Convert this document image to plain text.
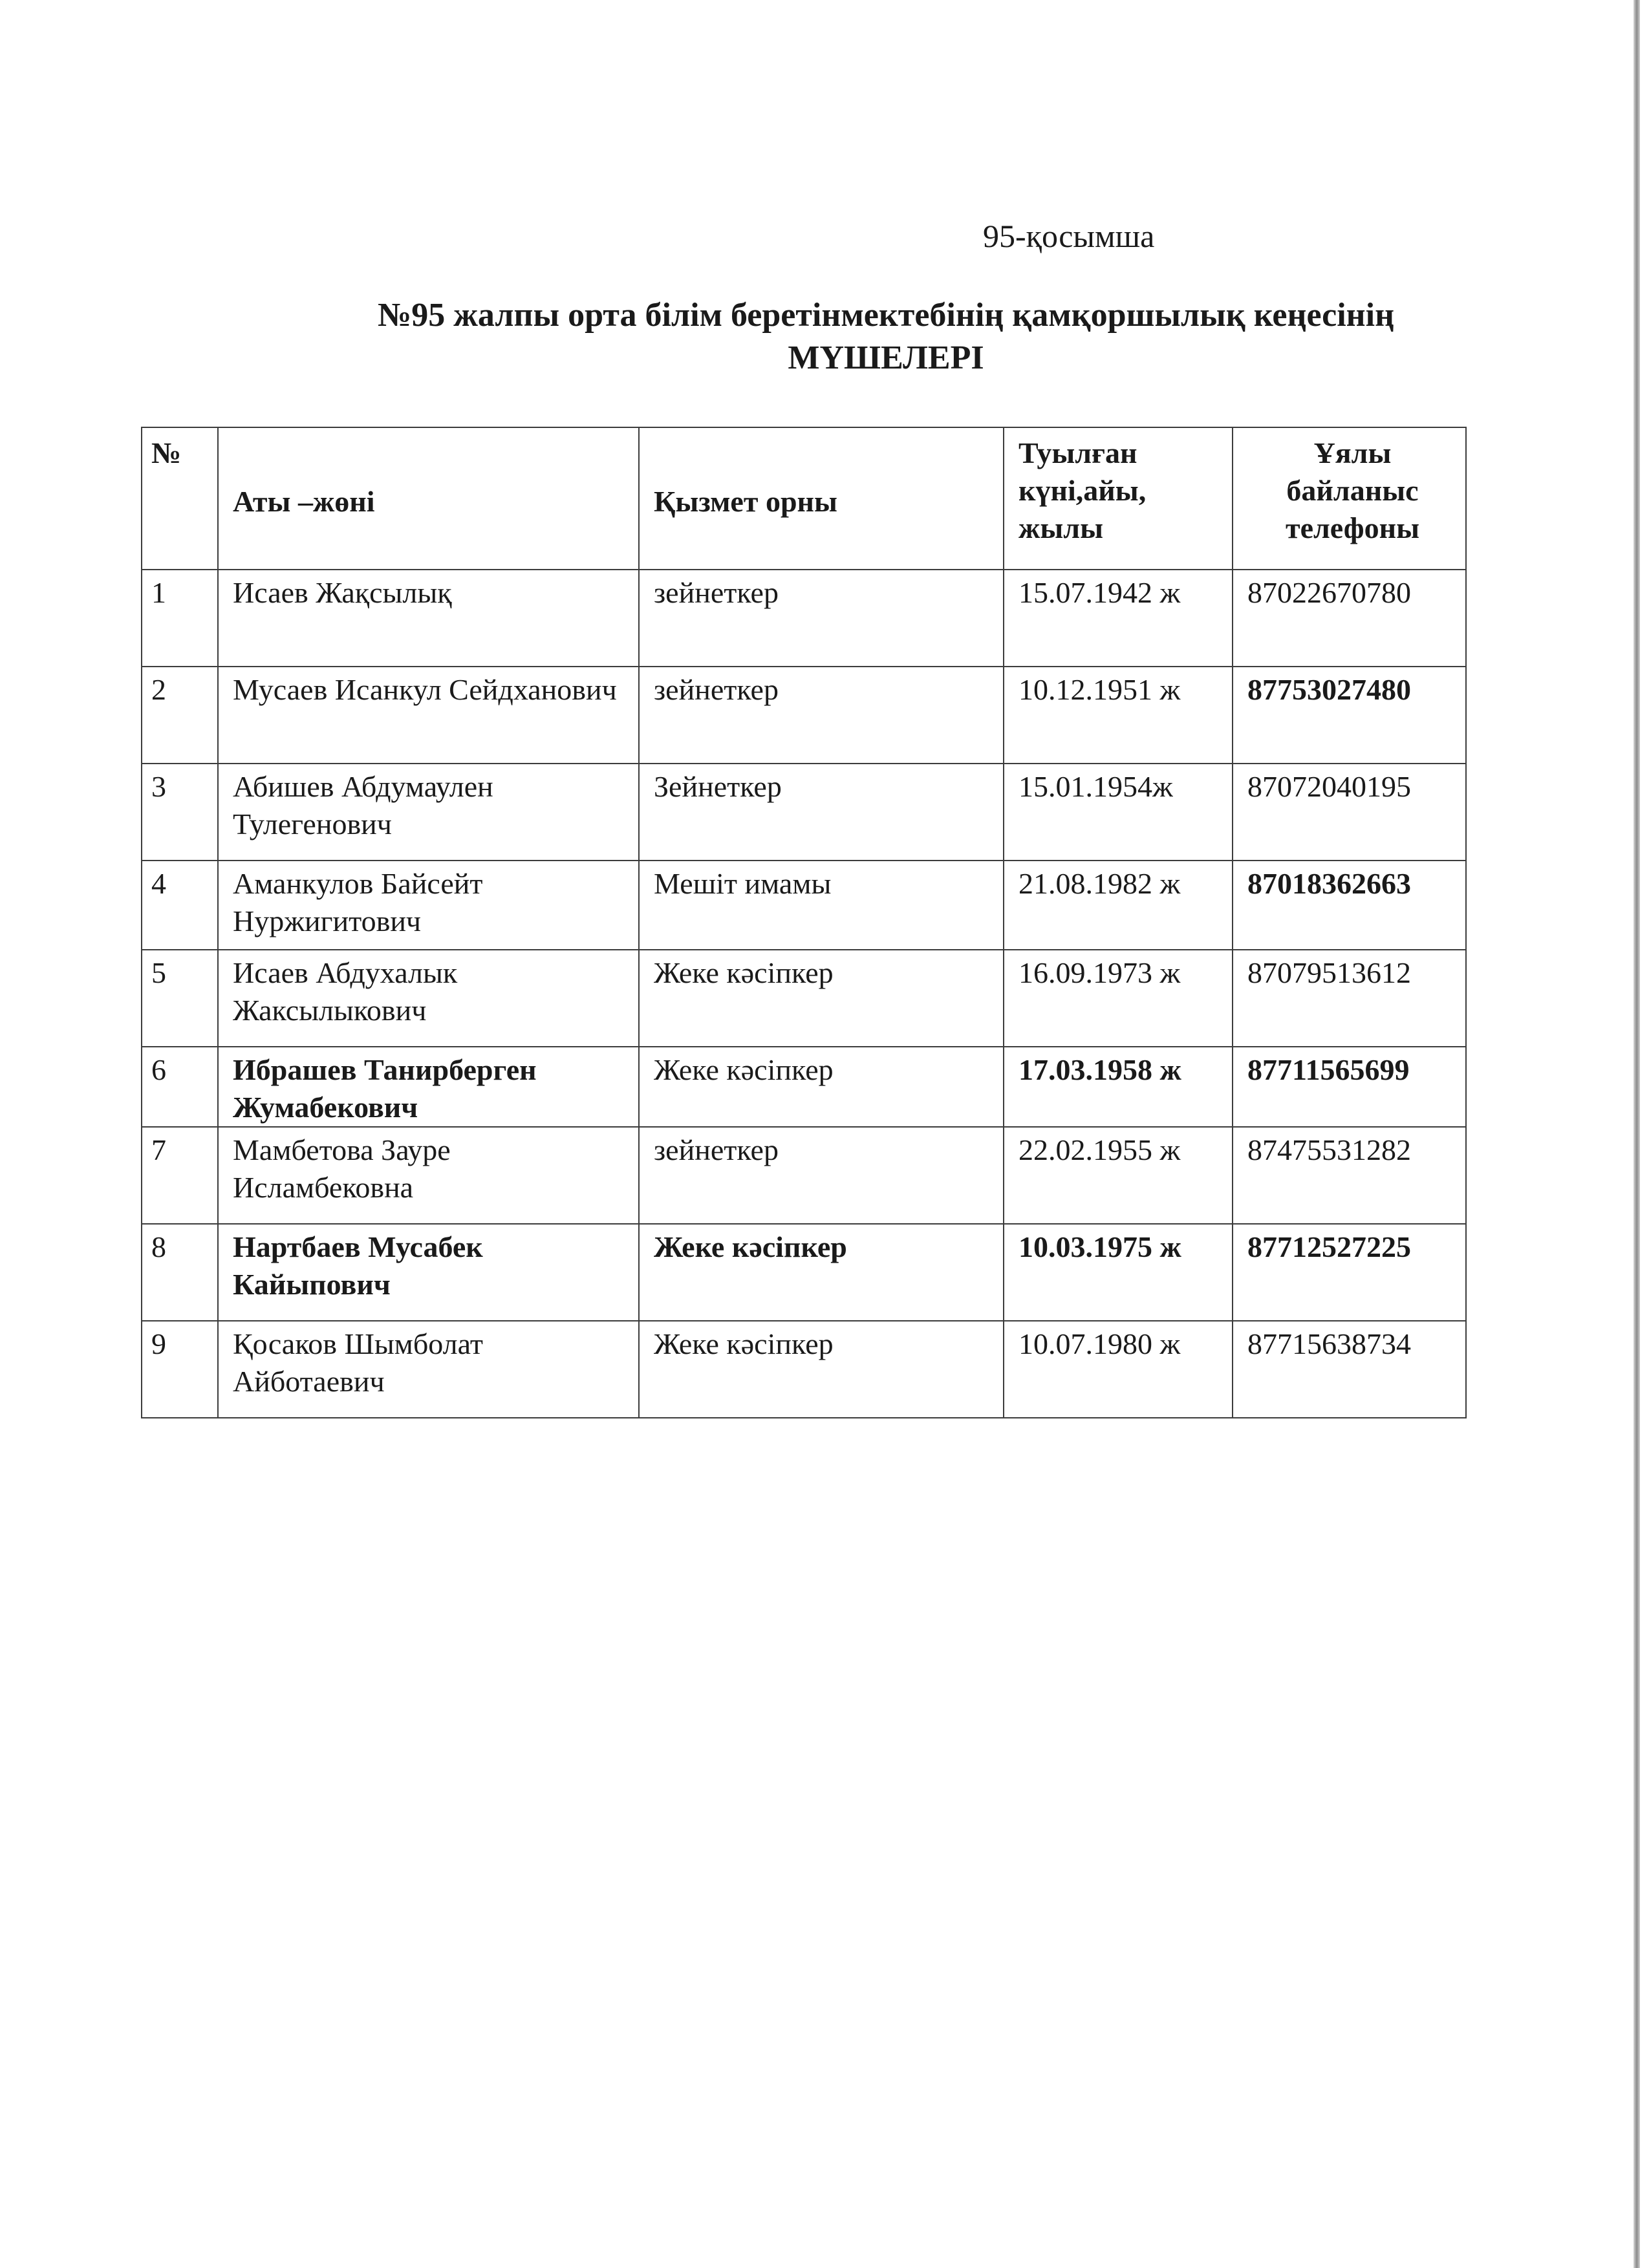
95-қосымша
№95 жалпы орта білім беретінмектебінің қамқоршылық кеңесінің
МҮШЕЛЕРІ
№	Аты –жөні	Қызмет орны	Туылған күні,айы, жылы	Ұялы байланыс телефоны
1	Исаев Жақсылық	зейнеткер	15.07.1942 ж	87022670780
2	Мусаев Исанкул Сейдханович	зейнеткер	10.12.1951 ж	87753027480
3	Абишев Абдумаулен Тулегенович	Зейнеткер	15.01.1954ж	87072040195
4	Аманкулов Байсейт Нуржигитович	Мешіт имамы	21.08.1982 ж	87018362663
5	Исаев Абдухалык Жаксылыкович	Жеке кәсіпкер	16.09.1973 ж	87079513612
6	Ибрашев Танирберген Жумабекович	Жеке кәсіпкер	17.03.1958 ж	87711565699
7	Мамбетова Зауре Исламбековна	зейнеткер	22.02.1955 ж	87475531282
8	Нартбаев Мусабек Кайыпович	Жеке кәсіпкер	10.03.1975 ж	87712527225
9	Қосаков Шымболат Айботаевич	Жеке кәсіпкер	10.07.1980 ж	87715638734
